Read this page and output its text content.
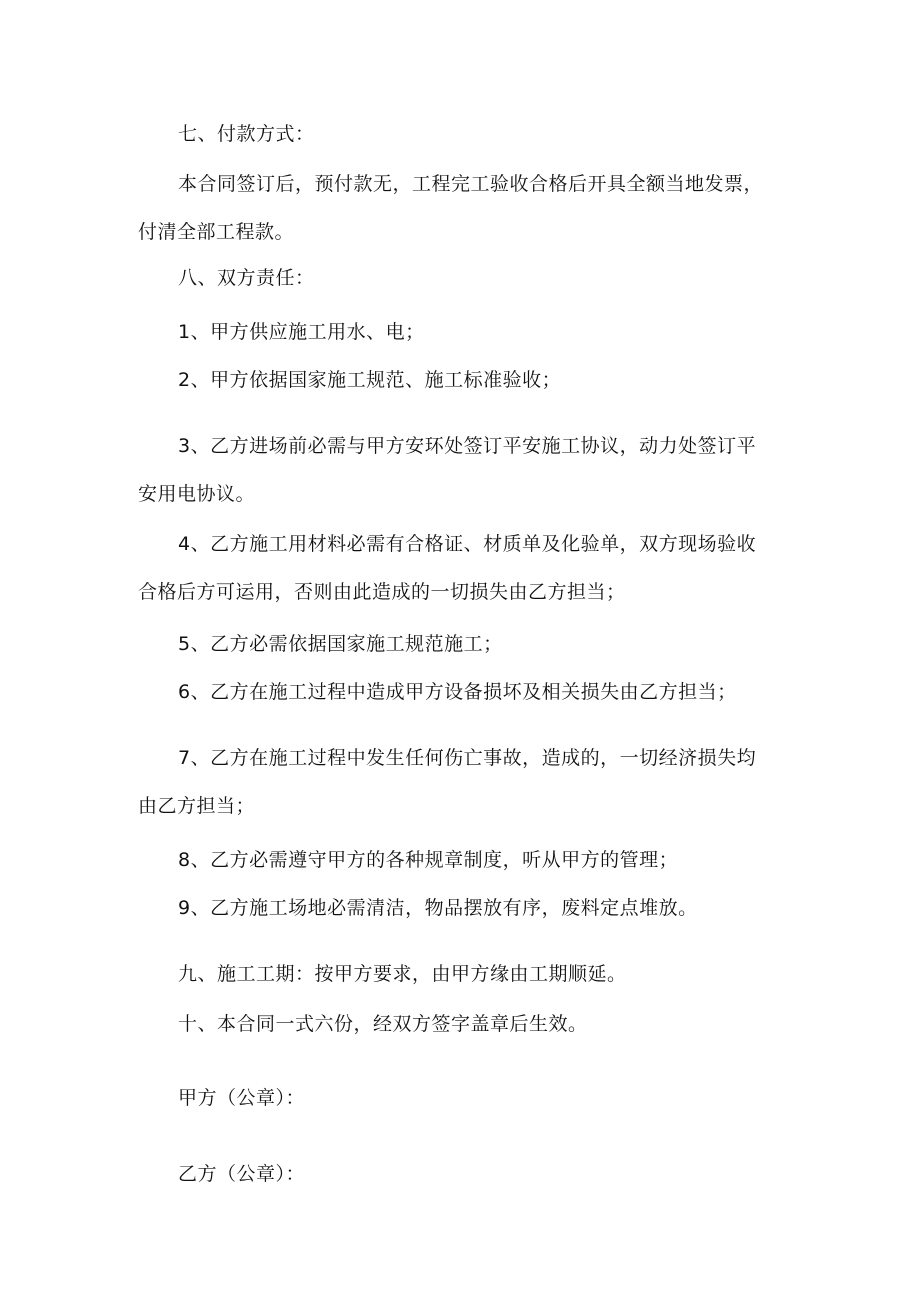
七、付款方式：
本合同签订后，预付款无，工程完工验收合格后开具全额当地发票，
付清全部工程款。
八、双方责任：
1、甲方供应施工用水、电；
2、甲方依据国家施工规范、施工标准验收；
3、乙方进场前必需与甲方安环处签订平安施工协议，动力处签订平
安用电协议。
4、乙方施工用材料必需有合格证、材质单及化验单，双方现场验收
合格后方可运用，否则由此造成的一切损失由乙方担当；
5、乙方必需依据国家施工规范施工；
6、乙方在施工过程中造成甲方设备损坏及相关损失由乙方担当；
7、乙方在施工过程中发生任何伤亡事故，造成的，一切经济损失均
由乙方担当；
8、乙方必需遵守甲方的各种规章制度，听从甲方的管理；
9、乙方施工场地必需清洁，物品摆放有序，废料定点堆放。
九、施工工期：按甲方要求，由甲方缘由工期顺延。
十、本合同一式六份，经双方签字盖章后生效。
甲方（公章）：
乙方（公章）：
